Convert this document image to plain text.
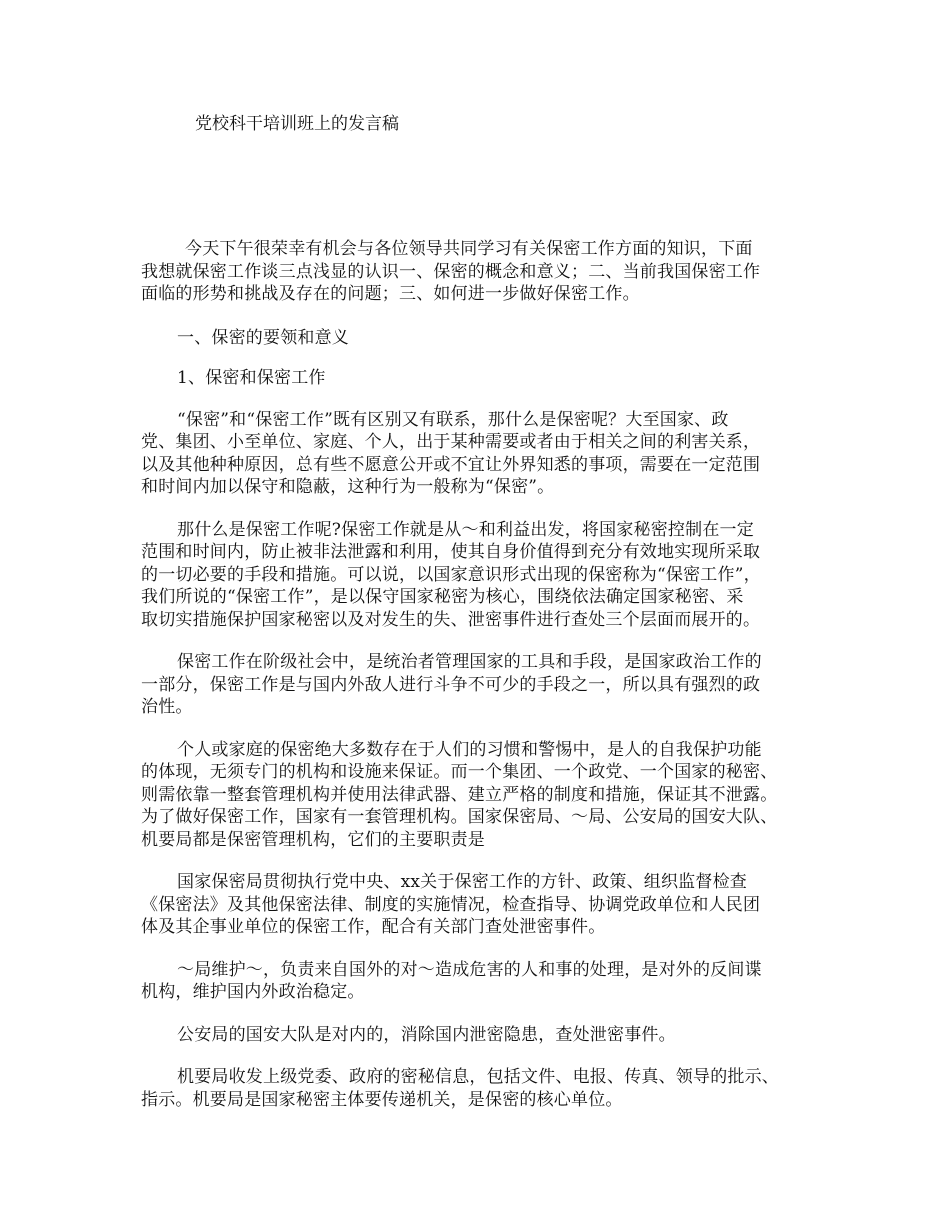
党校科干培训班上的发言稿

今天下午很荣幸有机会与各位领导共同学习有关保密工作方面的知识，下面
我想就保密工作谈三点浅显的认识一、保密的概念和意义；二、当前我国保密工作
面临的形势和挑战及存在的问题；三、如何进一步做好保密工作。

一、保密的要领和意义

1、保密和保密工作

“保密”和“保密工作”既有区别又有联系，那什么是保密呢？大至国家、政
党、集团、小至单位、家庭、个人，出于某种需要或者由于相关之间的利害关系，
以及其他种种原因，总有些不愿意公开或不宜让外界知悉的事项，需要在一定范围
和时间内加以保守和隐蔽，这种行为一般称为“保密”。

那什么是保密工作呢?保密工作就是从～和利益出发，将国家秘密控制在一定
范围和时间内，防止被非法泄露和利用，使其自身价值得到充分有效地实现所采取
的一切必要的手段和措施。可以说，以国家意识形式出现的保密称为“保密工作”，
我们所说的“保密工作”，是以保守国家秘密为核心，围绕依法确定国家秘密、采
取切实措施保护国家秘密以及对发生的失、泄密事件进行查处三个层面而展开的。

保密工作在阶级社会中，是统治者管理国家的工具和手段，是国家政治工作的
一部分，保密工作是与国内外敌人进行斗争不可少的手段之一，所以具有强烈的政
治性。

个人或家庭的保密绝大多数存在于人们的习惯和警惕中，是人的自我保护功能
的体现，无须专门的机构和设施来保证。而一个集团、一个政党、一个国家的秘密、
则需依靠一整套管理机构并使用法律武器、建立严格的制度和措施，保证其不泄露。
为了做好保密工作，国家有一套管理机构。国家保密局、～局、公安局的国安大队、
机要局都是保密管理机构，它们的主要职责是

国家保密局贯彻执行党中央、xx关于保密工作的方针、政策、组织监督检查
《保密法》及其他保密法律、制度的实施情况，检查指导、协调党政单位和人民团
体及其企事业单位的保密工作，配合有关部门查处泄密事件。

～局维护～，负责来自国外的对～造成危害的人和事的处理，是对外的反间谍
机构，维护国内外政治稳定。

公安局的国安大队是对内的，消除国内泄密隐患，查处泄密事件。

机要局收发上级党委、政府的密秘信息，包括文件、电报、传真、领导的批示、
指示。机要局是国家秘密主体要传递机关，是保密的核心单位。
